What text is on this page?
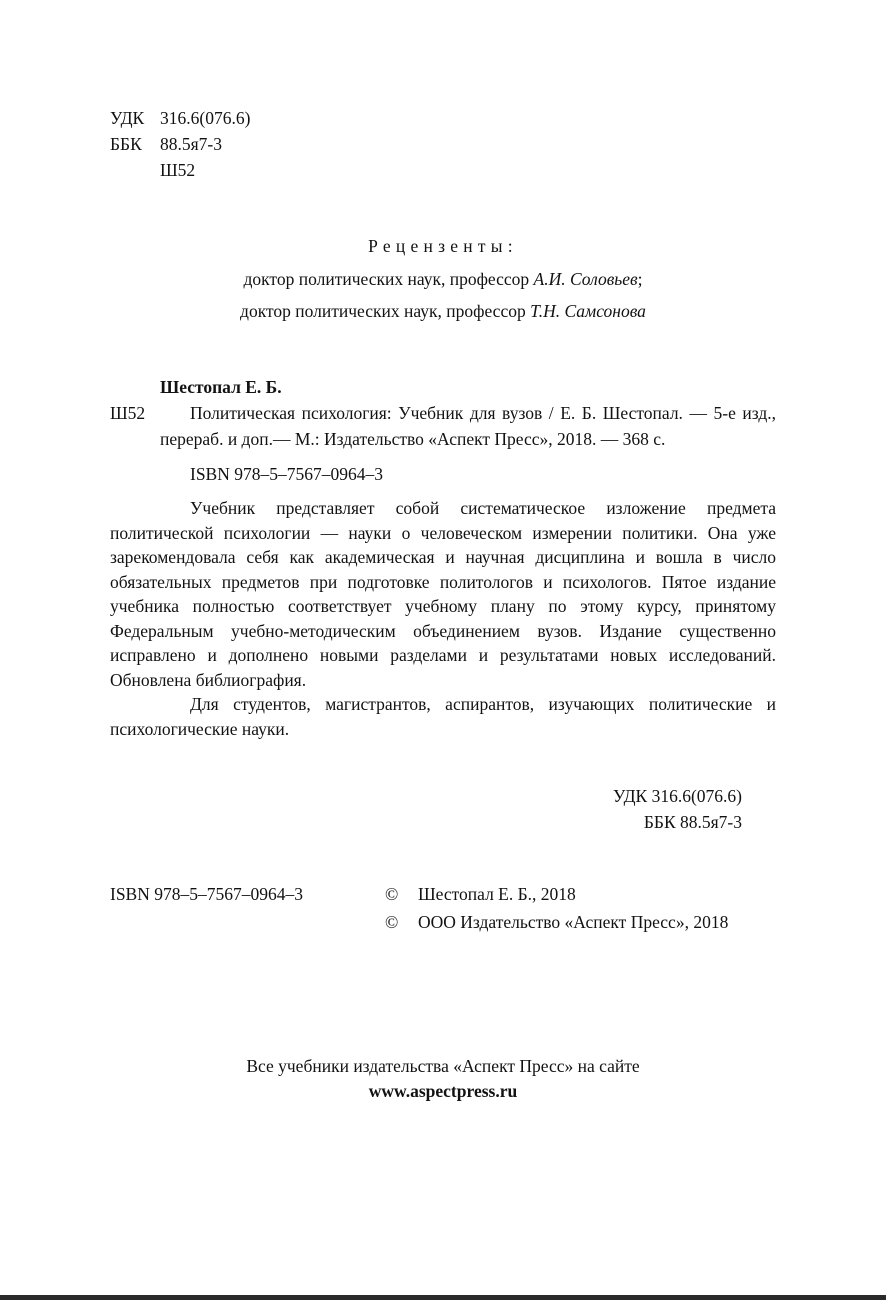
УДК 316.6(076.6)
ББК 88.5я7-3
Ш52
Рецензенты:
доктор политических наук, профессор А.И. Соловьев;
доктор политических наук, профессор Т.Н. Самсонова
Шестопал Е. Б.
Ш52	Политическая психология: Учебник для вузов / Е. Б. Шестопал. — 5-е изд., перераб. и доп.— М.: Издательство «Аспект Пресс», 2018. — 368 с.

ISBN 978–5–7567–0964–3

Учебник представляет собой систематическое изложение предмета политической психологии — науки о человеческом измерении политики. Она уже зарекомендовала себя как академическая и научная дисциплина и вошла в число обязательных предметов при подготовке политологов и психологов. Пятое издание учебника полностью соответствует учебному плану по этому курсу, принятому Федеральным учебно-методическим объединением вузов. Издание существенно исправлено и дополнено новыми разделами и результатами новых исследований. Обновлена библиография.

Для студентов, магистрантов, аспирантов, изучающих политические и психологические науки.

УДК 316.6(076.6)
ББК 88.5я7-3
ISBN 978–5–7567–0964–3	© Шестопал Е. Б., 2018
© ООО Издательство «Аспект Пресс», 2018
Все учебники издательства «Аспект Пресс» на сайте
www.aspectpress.ru
